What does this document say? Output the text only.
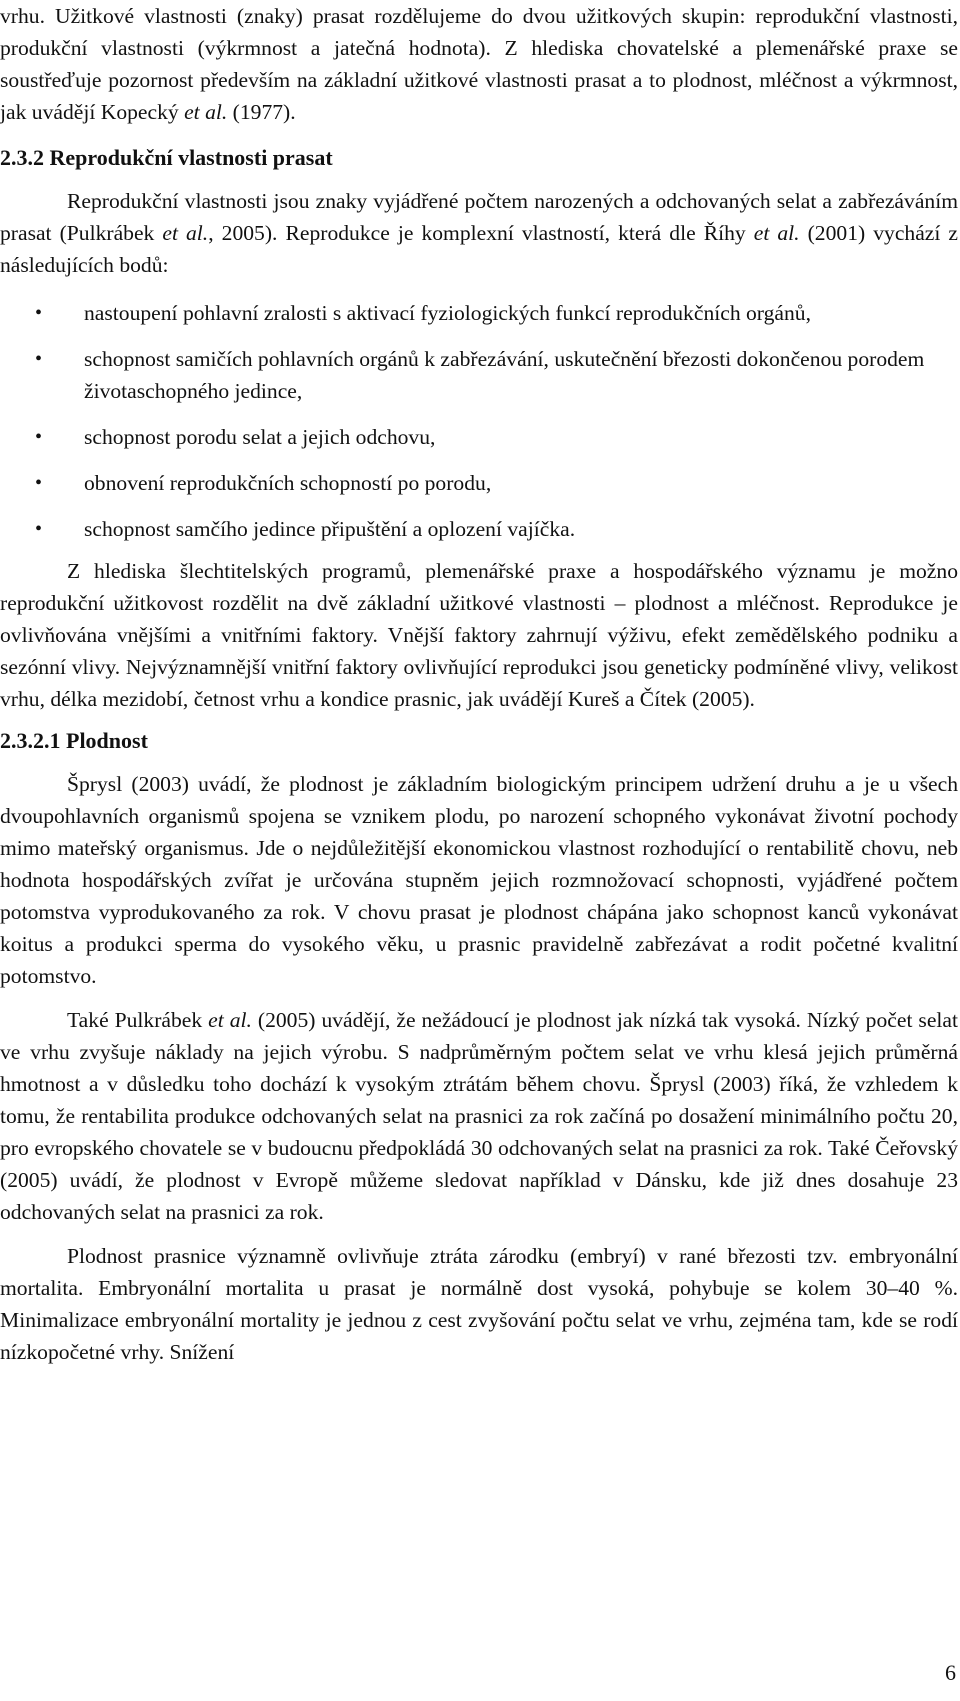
vrhu. Užitkové vlastnosti (znaky) prasat rozdělujeme do dvou užitkových skupin: reprodukční vlastnosti, produkční vlastnosti (výkrmnost a jatečná hodnota). Z hlediska chovatelské a plemenářské praxe se soustřeďuje pozornost především na základní užitkové vlastnosti prasat a to plodnost, mléčnost a výkrmnost, jak uvádějí Kopecký et al. (1977).

2.3.2 Reprodukční vlastnosti prasat

Reprodukční vlastnosti jsou znaky vyjádřené počtem narozených a odchovaných selat a zabřezáváním prasat (Pulkrábek et al., 2005). Reprodukce je komplexní vlastností, která dle Říhy et al. (2001) vychází z následujících bodů:

• nastoupení pohlavní zralosti s aktivací fyziologických funkcí reprodukčních orgánů,
• schopnost samičích pohlavních orgánů k zabřezávání, uskutečnění březosti dokončenou porodem životaschopného jedince,
• schopnost porodu selat a jejich odchovu,
• obnovení reprodukčních schopností po porodu,
• schopnost samčího jedince připuštění a oplození vajíčka.

Z hlediska šlechtitelských programů, plemenářské praxe a hospodářského významu je možno reprodukční užitkovost rozdělit na dvě základní užitkové vlastnosti – plodnost a mléčnost. Reprodukce je ovlivňována vnějšími a vnitřními faktory. Vnější faktory zahrnují výživu, efekt zemědělského podniku a sezónní vlivy. Nejvýznamnější vnitřní faktory ovlivňující reprodukci jsou geneticky podmíněné vlivy, velikost vrhu, délka mezidobí, četnost vrhu a kondice prasnic, jak uvádějí Kureš a Čítek (2005).

2.3.2.1 Plodnost

Šprysl (2003) uvádí, že plodnost je základním biologickým principem udržení druhu a je u všech dvoupohlavních organismů spojena se vznikem plodu, po narození schopného vykonávat životní pochody mimo mateřský organismus. Jde o nejdůležitější ekonomickou vlastnost rozhodující o rentabilitě chovu, neb hodnota hospodářských zvířat je určována stupněm jejich rozmnožovací schopnosti, vyjádřené počtem potomstva vyprodukovaného za rok. V chovu prasat je plodnost chápána jako schopnost kanců vykonávat koitus a produkci sperma do vysokého věku, u prasnic pravidelně zabřezávat a rodit početné kvalitní potomstvo.

Také Pulkrábek et al. (2005) uvádějí, že nežádoucí je plodnost jak nízká tak vysoká. Nízký počet selat ve vrhu zvyšuje náklady na jejich výrobu. S nadprůměrným počtem selat ve vrhu klesá jejich průměrná hmotnost a v důsledku toho dochází k vysokým ztrátám během chovu. Šprysl (2003) říká, že vzhledem k tomu, že rentabilita produkce odchovaných selat na prasnici za rok začíná po dosažení minimálního počtu 20, pro evropského chovatele se v budoucnu předpokládá 30 odchovaných selat na prasnici za rok. Také Čeřovský (2005) uvádí, že plodnost v Evropě můžeme sledovat například v Dánsku, kde již dnes dosahuje 23 odchovaných selat na prasnici za rok.

Plodnost prasnice významně ovlivňuje ztráta zárodku (embryí) v rané březosti tzv. embryonální mortalita. Embryonální mortalita u prasat je normálně dost vysoká, pohybuje se kolem 30–40 %. Minimalizace embryonální mortality je jednou z cest zvyšování počtu selat ve vrhu, zejména tam, kde se rodí nízkopočetné vrhy. Snížení

6
